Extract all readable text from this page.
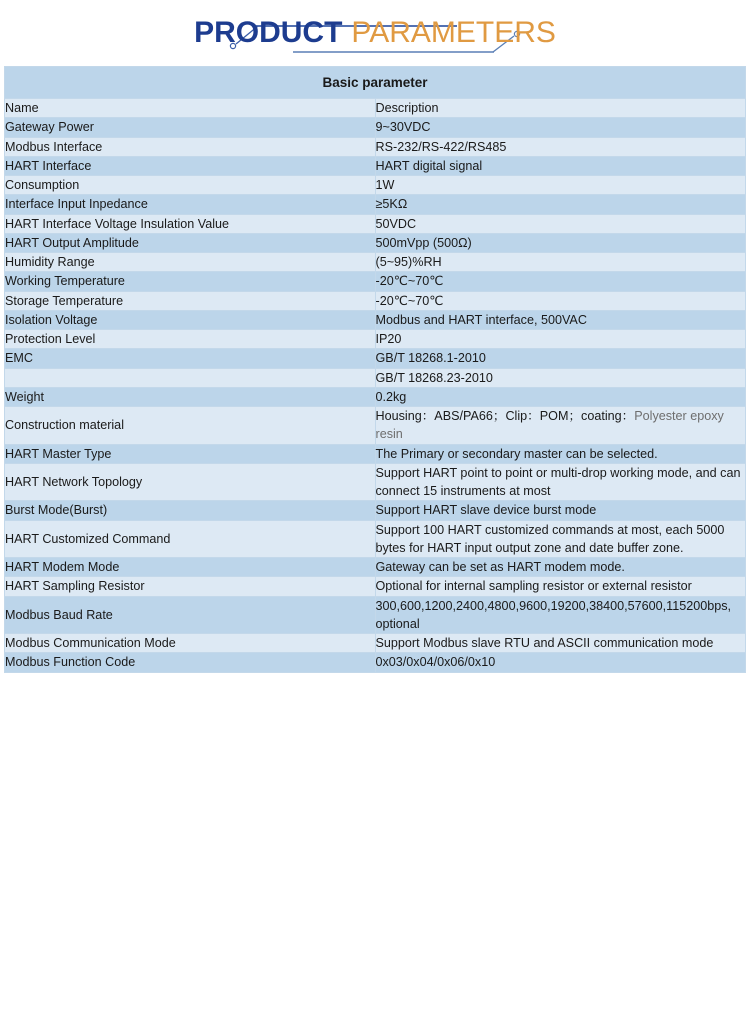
PRODUCT PARAMETERS
Basic parameter	
Name	Description
Gateway Power	9~30VDC
Modbus Interface	RS-232/RS-422/RS485
HART Interface	HART digital signal
Consumption	1W
Interface Input Inpedance	≥5KΩ
HART Interface Voltage Insulation Value	50VDC
HART Output Amplitude	500mVpp (500Ω)
Humidity Range	(5~95)%RH
Working Temperature	-20℃~70℃
Storage Temperature	-20℃~70℃
Isolation Voltage	Modbus and HART interface, 500VAC
Protection Level	IP20
EMC	GB/T 18268.1-2010
	GB/T 18268.23-2010
Weight	0.2kg
Construction material	Housing：ABS/PA66；Clip：POM；coating：Polyester epoxy resin
HART Master Type	The Primary or secondary master can be selected.
HART Network Topology	Support HART point to point or multi-drop working mode, and can connect 15 instruments at most
Burst Mode(Burst)	Support HART slave device burst mode
HART Customized Command	Support 100 HART customized commands at most, each 5000 bytes for HART input output zone and date buffer zone.
HART Modem Mode	Gateway can be set as HART modem mode.
HART Sampling Resistor	Optional for internal sampling resistor or external resistor
Modbus Baud Rate	300,600,1200,2400,4800,9600,19200,38400,57600,115200bps, optional
Modbus Communication Mode	Support Modbus slave RTU and ASCII communication mode
Modbus Function Code	0x03/0x04/0x06/0x10
